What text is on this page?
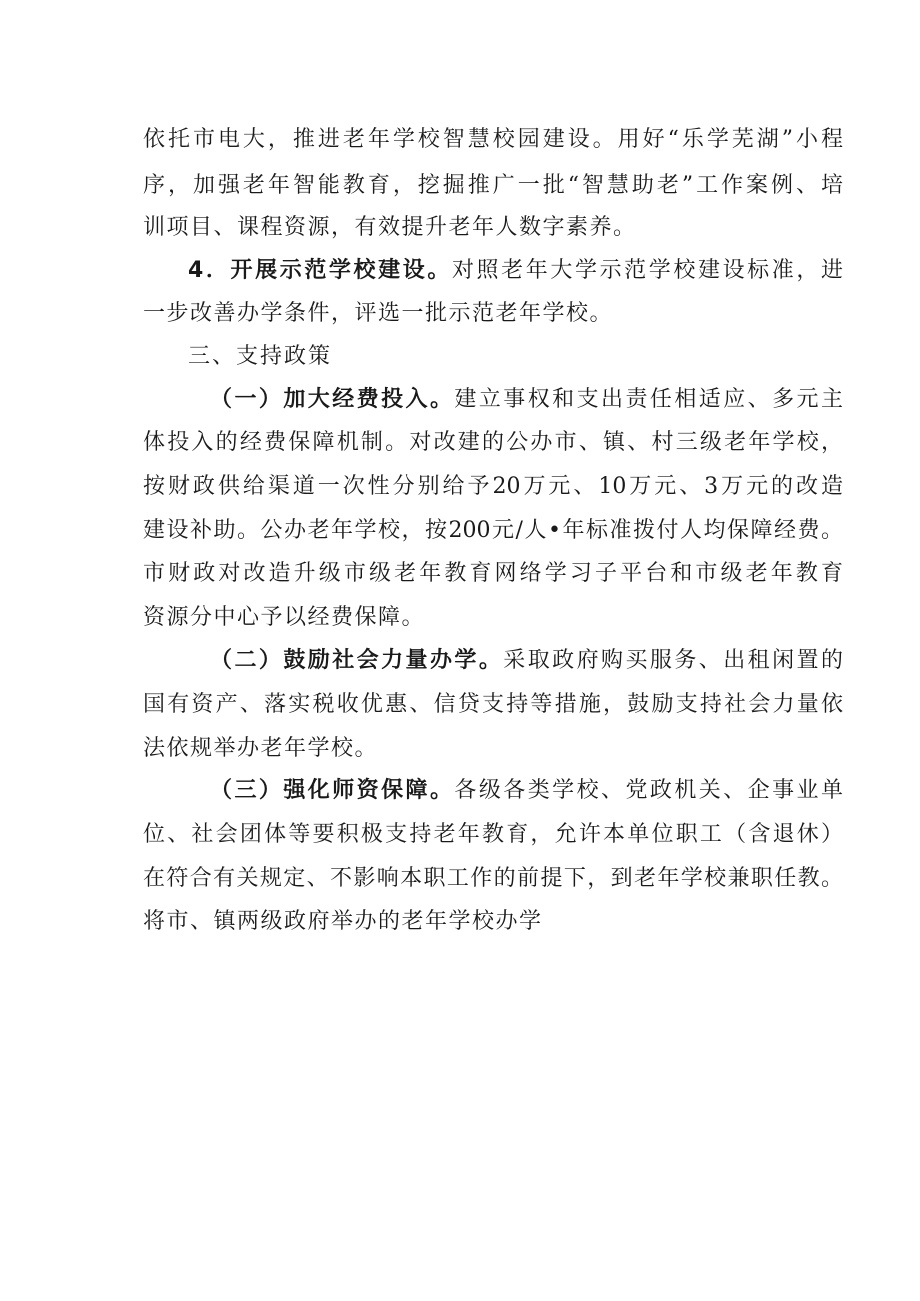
依托市电大，推进老年学校智慧校园建设。用好“乐学芜湖”小程
序，加强老年智能教育，挖掘推广一批“智慧助老”工作案例、培
训项目、课程资源，有效提升老年人数字素养。
4．开展示范学校建设。对照老年大学示范学校建设标准，进
一步改善办学条件，评选一批示范老年学校。
三、支持政策
（一）加大经费投入。建立事权和支出责任相适应、多元主
体投入的经费保障机制。对改建的公办市、镇、村三级老年学校，
按财政供给渠道一次性分别给予20万元、10万元、3万元的改造
建设补助。公办老年学校，按200元/人•年标准拨付人均保障经费。
市财政对改造升级市级老年教育网络学习子平台和市级老年教育
资源分中心予以经费保障。
（二）鼓励社会力量办学。采取政府购买服务、出租闲置的
国有资产、落实税收优惠、信贷支持等措施，鼓励支持社会力量依
法依规举办老年学校。
（三）强化师资保障。各级各类学校、党政机关、企事业单
位、社会团体等要积极支持老年教育，允许本单位职工（含退休）
在符合有关规定、不影响本职工作的前提下，到老年学校兼职任教。
将市、镇两级政府举办的老年学校办学
